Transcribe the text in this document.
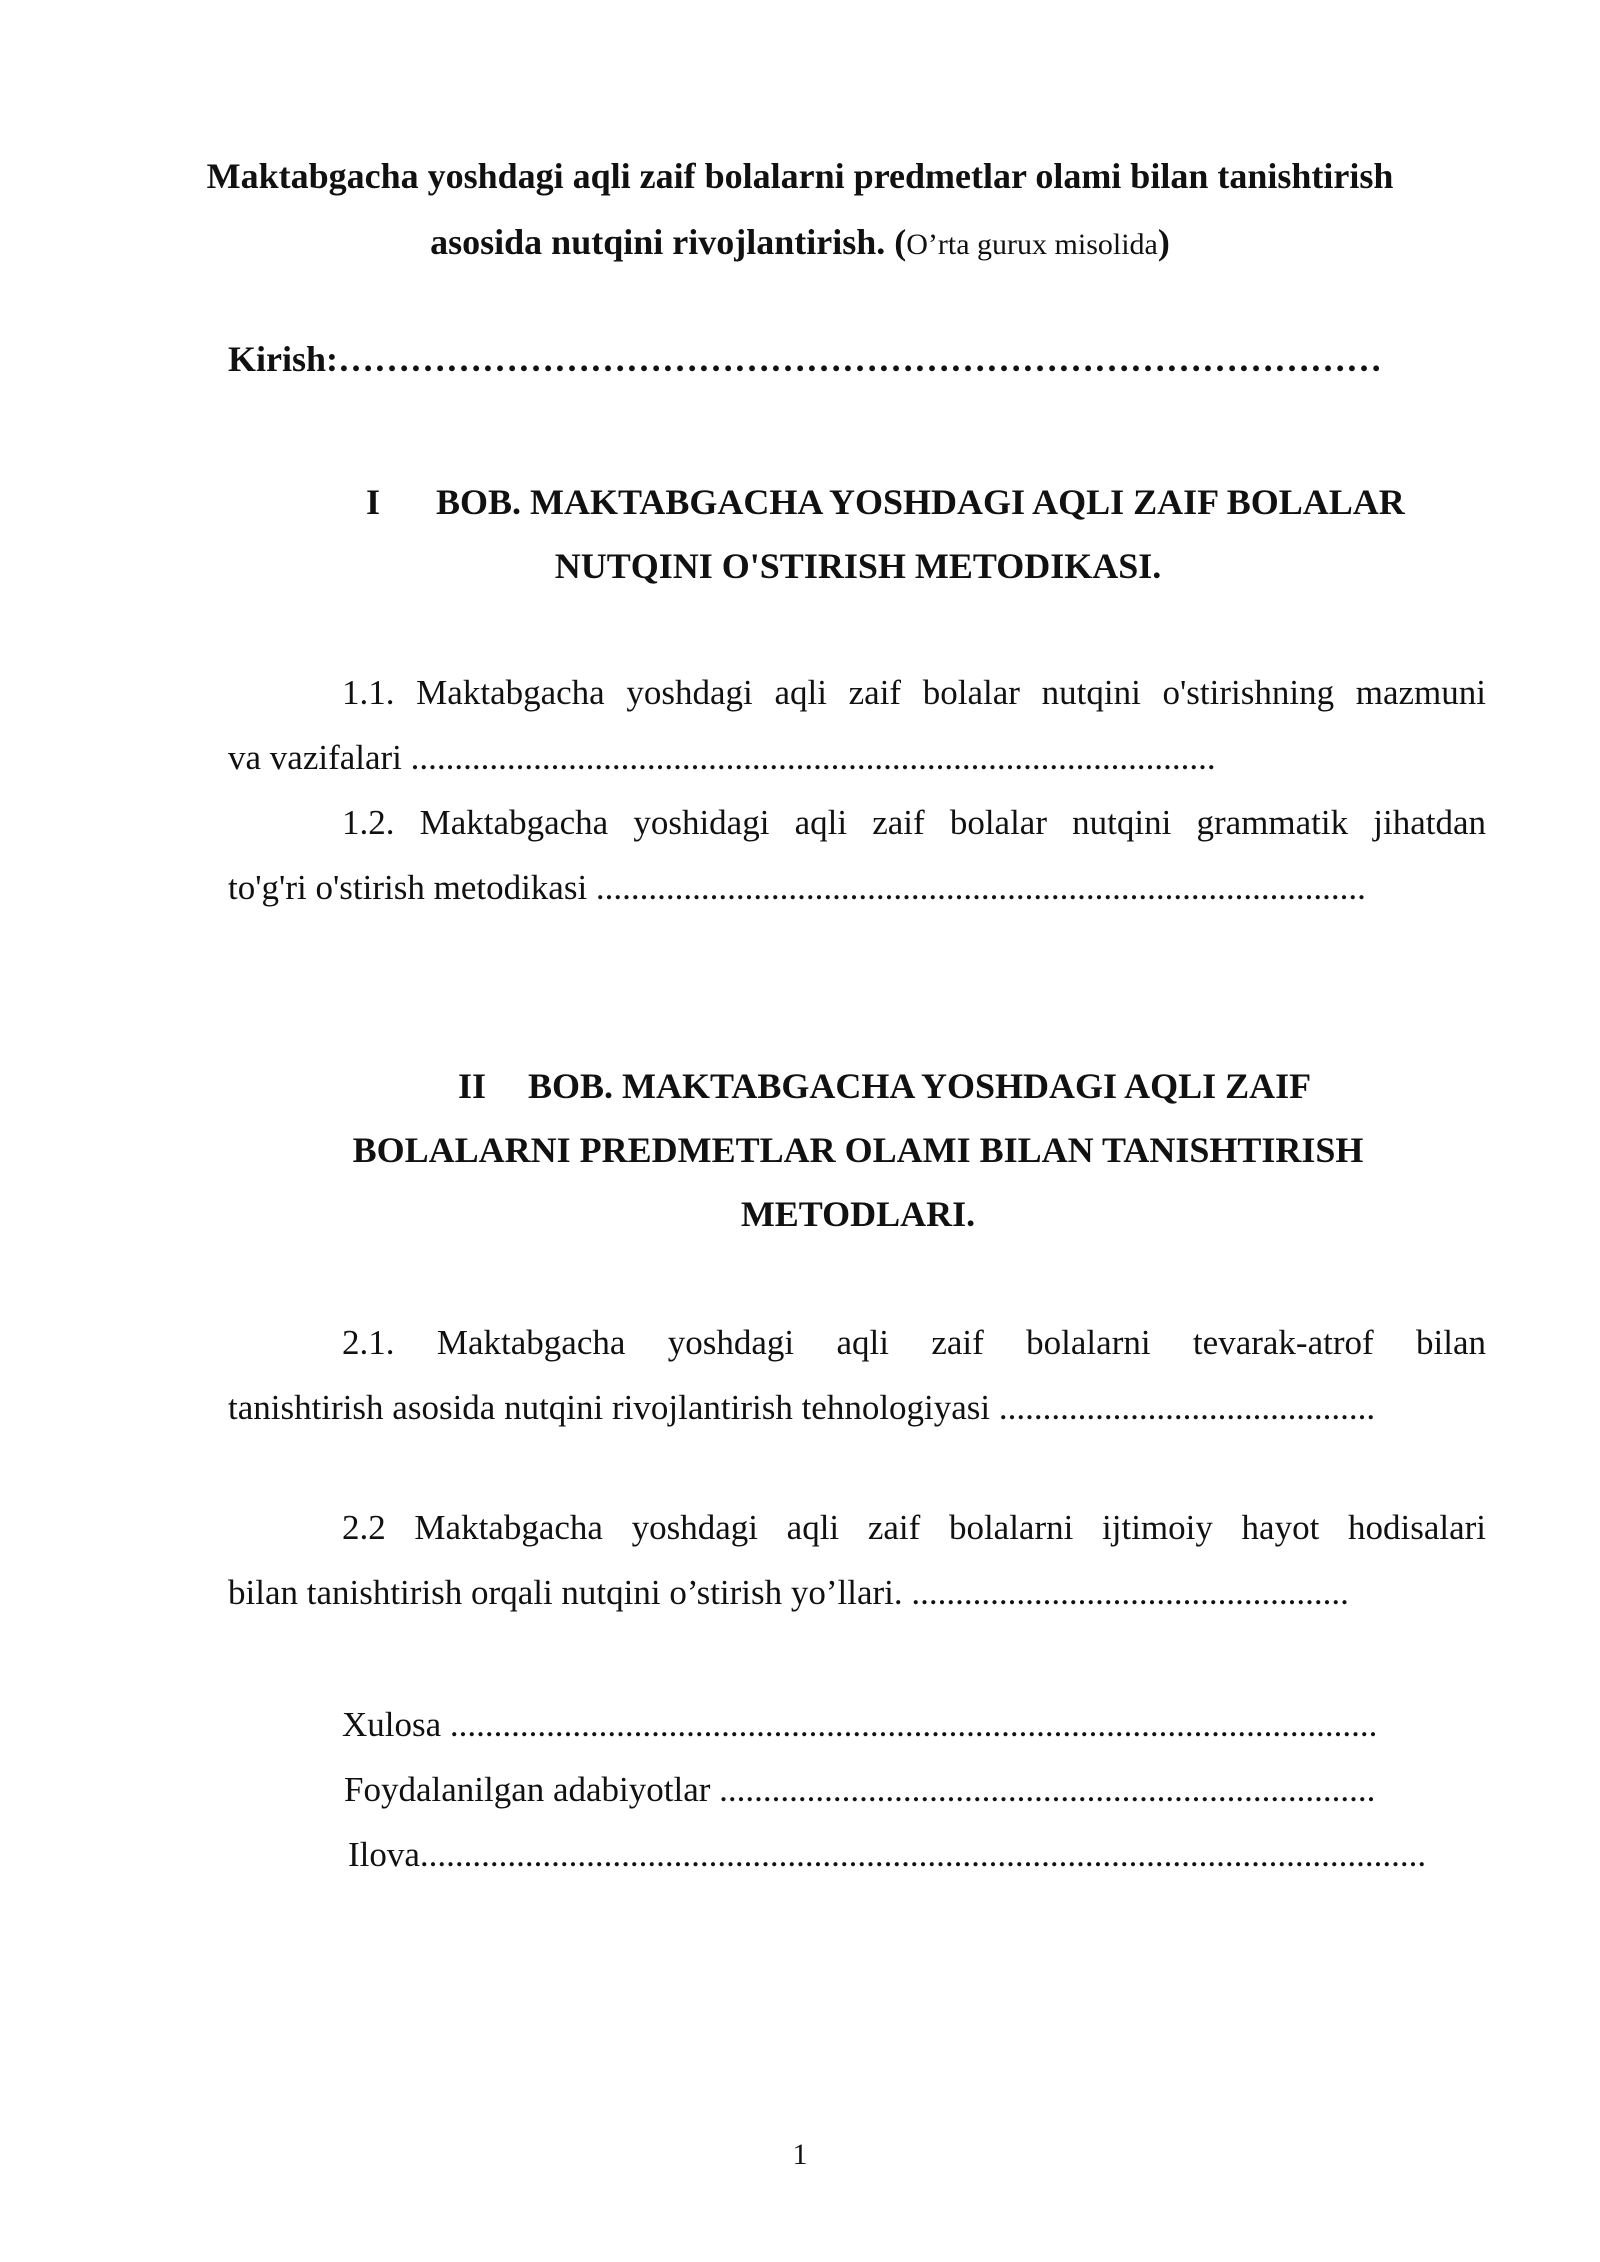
Maktabgacha yoshdagi aqli zaif bolalarni predmetlar olami bilan tanishtirish

asosida nutqini rivojlantirish. (O’rta gurux misolida)

Kirish:……………………………………………………………………………

I BOB. MAKTABGACHA YOSHDAGI AQLI ZAIF BOLALAR

NUTQINI O'STIRISH METODIKASI.

1.1. Maktabgacha yoshdagi aqli zaif bolalar nutqini o'stirishning mazmuni

va vazifalari ............................................................................................

1.2. Maktabgacha yoshidagi aqli zaif bolalar nutqini grammatik jihatdan

to'g'ri o'stirish metodikasi ........................................................................................

II BOB. MAKTABGACHA YOSHDAGI AQLI ZAIF

BOLALARNI PREDMETLAR OLAMI BILAN TANISHTIRISH

METODLARI.

2.1. Maktabgacha yoshdagi aqli zaif bolalarni tevarak-atrof bilan

tanishtirish asosida nutqini rivojlantirish tehnologiyasi ...........................................

2.2 Maktabgacha yoshdagi aqli zaif bolalarni ijtimoiy hayot hodisalari

bilan tanishtirish orqali nutqini o’stirish yo’llari. ..................................................

Xulosa ..........................................................................................................

Foydalanilgan adabiyotlar ...........................................................................

Ilova...................................................................................................................

1
